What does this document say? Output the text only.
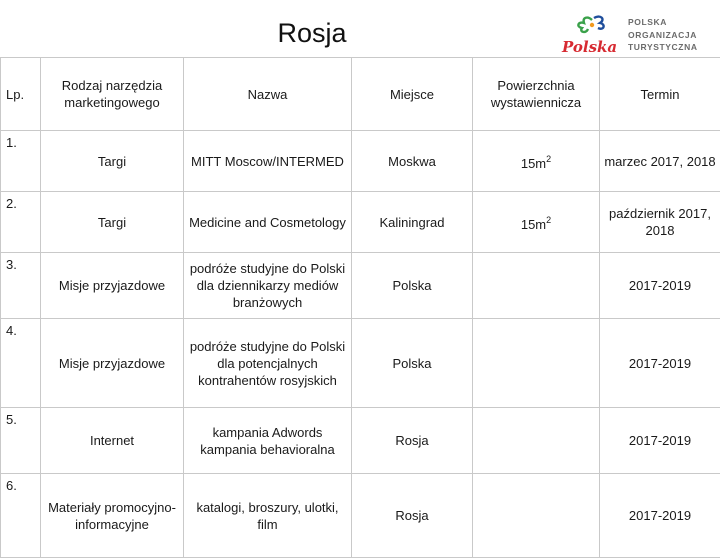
Rosja	Polska
POLSKA
ORGANIZACJA
TURYSTYCZNA
Lp.	Rodzaj narzędzia marketingowego	Nazwa	Miejsce	Powierzchnia wystawiennicza	Termin
1.	Targi	MITT Moscow/INTERMED	Moskwa	$15m^2$	marzec 2017, 2018
2.	Targi	Medicine and Cosmetology	Kaliningrad	$15m^2$	październik 2017, 2018
3.	Misje przyjazdowe	podróże studyjne do Polski dla dziennikarzy mediów branżowych	Polska		2017-2019
4.	Misje przyjazdowe	podróże studyjne do Polski dla potencjalnych kontrahentów rosyjskich	Polska		2017-2019
5.	Internet	kampania Adwords kampania behavioralna	Rosja		2017-2019
6.	Materiały promocyjno-informacyjne	katalogi, broszury, ulotki, film	Rosja		2017-2019
